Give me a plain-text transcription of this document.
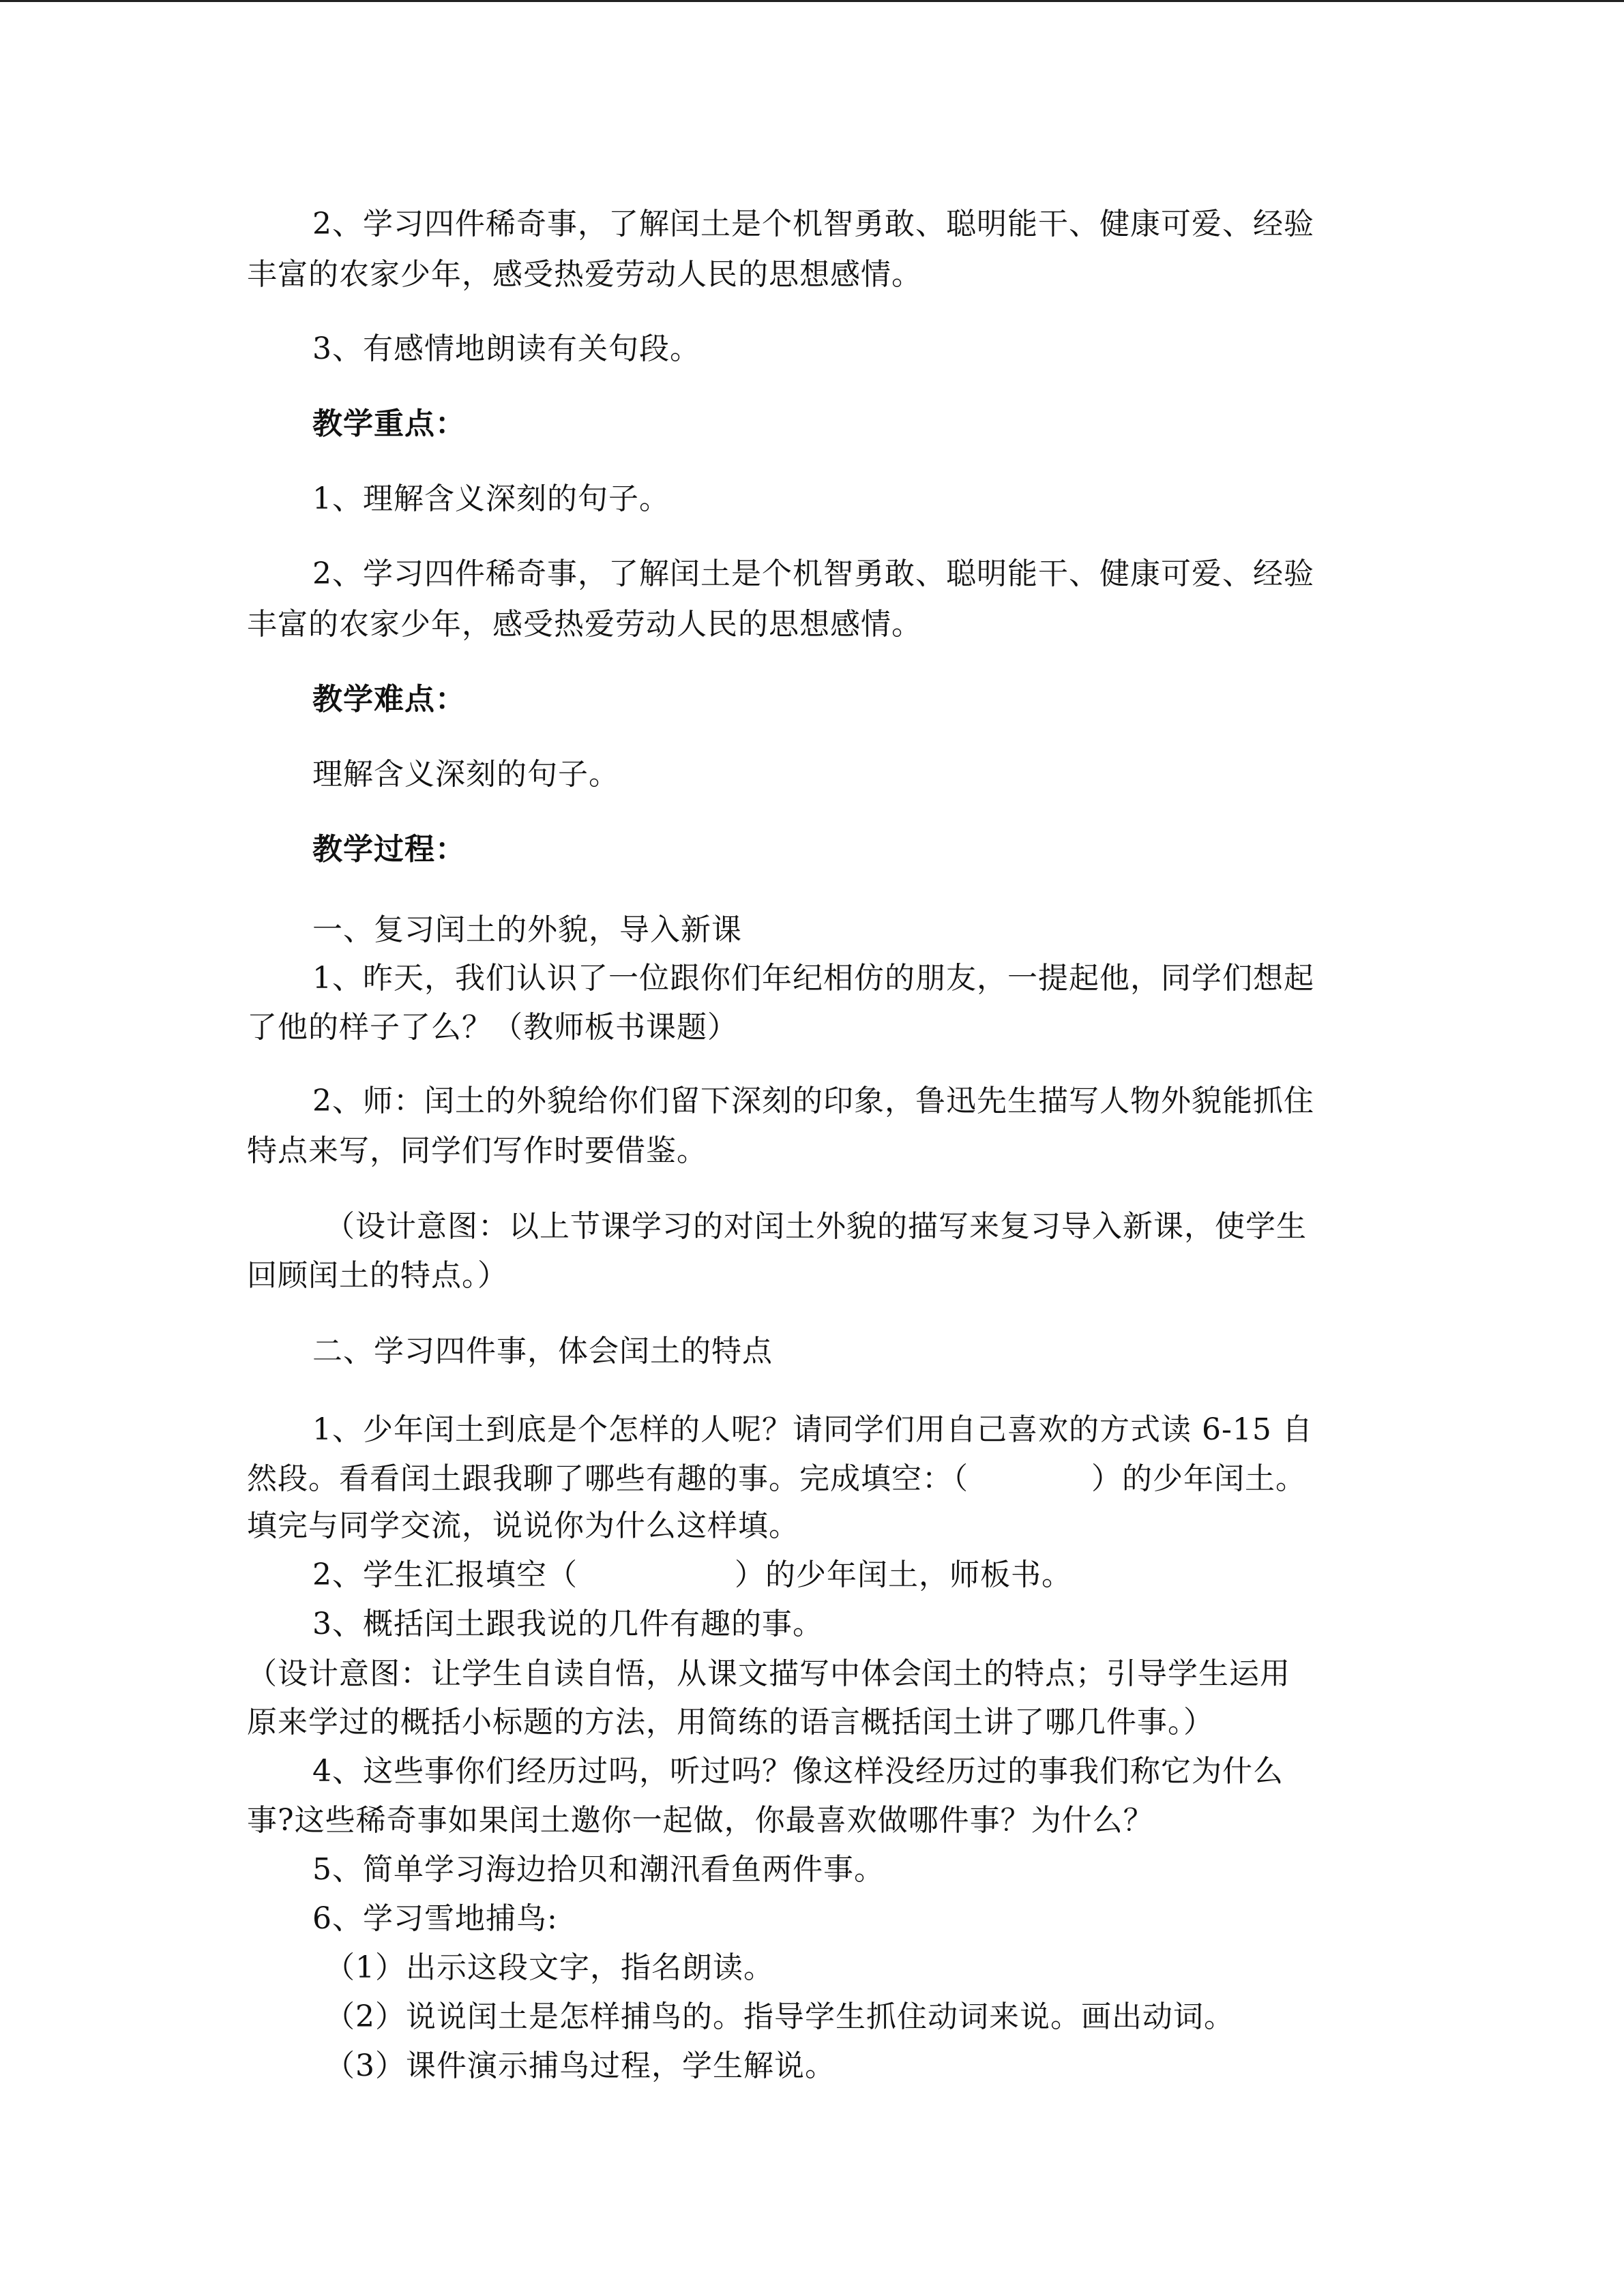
2、学习四件稀奇事，了解闰土是个机智勇敢、聪明能干、健康可爱、经验
丰富的农家少年，感受热爱劳动人民的思想感情。
3、有感情地朗读有关句段。
教学重点：
1、理解含义深刻的句子。
2、学习四件稀奇事，了解闰土是个机智勇敢、聪明能干、健康可爱、经验
丰富的农家少年，感受热爱劳动人民的思想感情。
教学难点：
理解含义深刻的句子。
教学过程：
一、复习闰土的外貌，导入新课
1、昨天，我们认识了一位跟你们年纪相仿的朋友，一提起他，同学们想起
了他的样子了么？（教师板书课题）
2、师：闰土的外貌给你们留下深刻的印象，鲁迅先生描写人物外貌能抓住
特点来写，同学们写作时要借鉴。
（设计意图：以上节课学习的对闰土外貌的描写来复习导入新课，使学生
回顾闰土的特点。）
二、学习四件事，体会闰土的特点
1、少年闰土到底是个怎样的人呢？请同学们用自己喜欢的方式读 6-15 自
然段。看看闰土跟我聊了哪些有趣的事。完成填空：（	）的少年闰土。
填完与同学交流，说说你为什么这样填。
2、学生汇报填空（	）的少年闰土，师板书。
3、概括闰土跟我说的几件有趣的事。
（设计意图：让学生自读自悟，从课文描写中体会闰土的特点；引导学生运用
原来学过的概括小标题的方法，用简练的语言概括闰土讲了哪几件事。）
4、这些事你们经历过吗，听过吗？像这样没经历过的事我们称它为什么
事?这些稀奇事如果闰土邀你一起做，你最喜欢做哪件事？为什么？
5、简单学习海边拾贝和潮汛看鱼两件事。
6、学习雪地捕鸟:
（1）出示这段文字，指名朗读。
（2）说说闰土是怎样捕鸟的。指导学生抓住动词来说。画出动词。
（3）课件演示捕鸟过程，学生解说。
